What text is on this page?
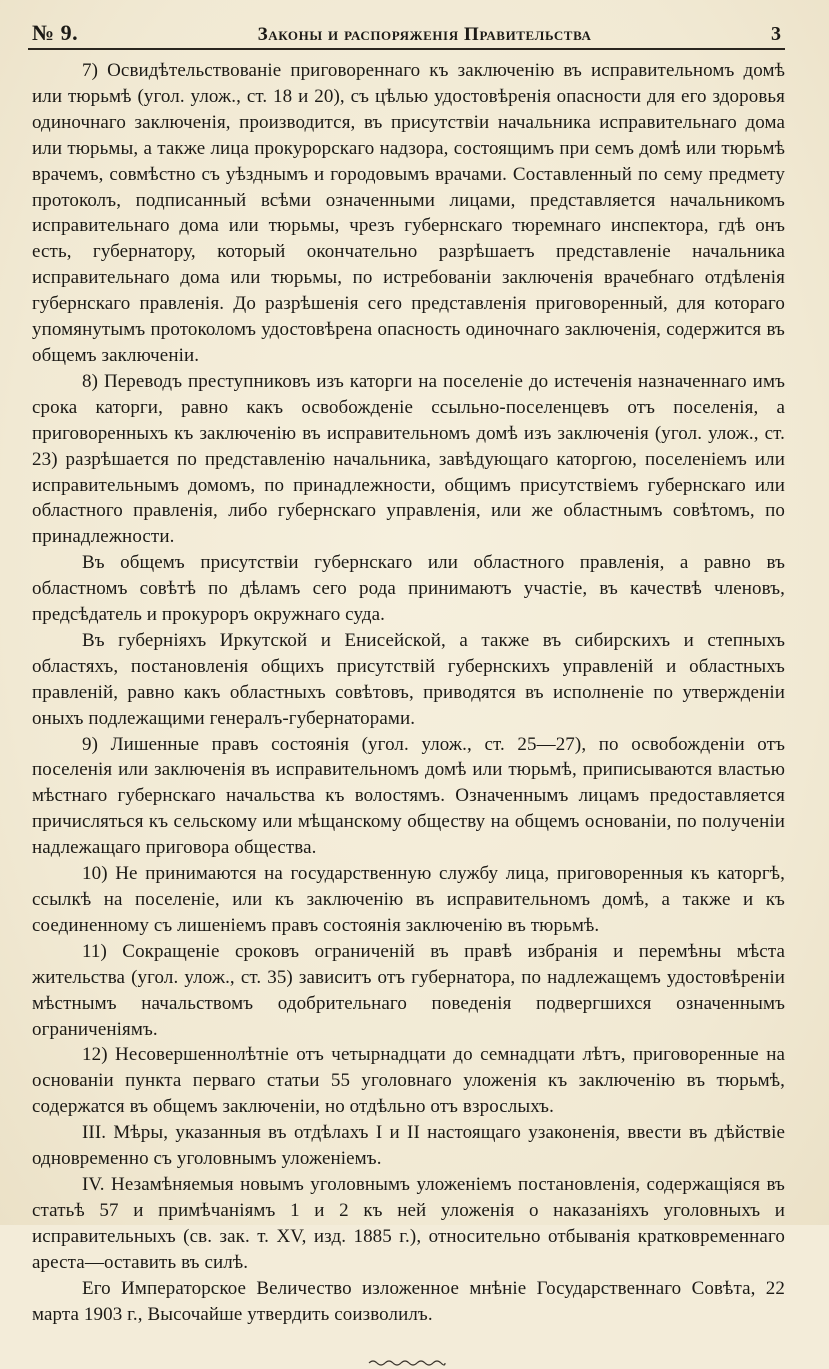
№ 9.	Законы и распоряженія Правительства	3

7) Освидѣтельствованіе приговореннаго къ заключенію въ исправительномъ домѣ или тюрьмѣ (угол. улож., ст. 18 и 20), съ цѣлью удостовѣренія опасности для его здоровья одиночнаго заключенія, производится, въ присутствіи начальника исправительнаго дома или тюрьмы, а также лица прокурорскаго надзора, состоящимъ при семъ домѣ или тюрьмѣ врачемъ, совмѣстно съ уѣзднымъ и городовымъ врачами. Составленный по сему предмету протоколъ, подписанный всѣми означенными лицами, представляется начальникомъ исправительнаго дома или тюрьмы, чрезъ губернскаго тюремнаго инспектора, гдѣ онъ есть, губернатору, который окончательно разрѣшаетъ представленіе начальника исправительнаго дома или тюрьмы, по истребованіи заключенія врачебнаго отдѣленія губернскаго правленія. До разрѣшенія сего представленія приговоренный, для котораго упомянутымъ протоколомъ удостовѣрена опасность одиночнаго заключенія, содержится въ общемъ заключеніи.

8) Переводъ преступниковъ изъ каторги на поселеніе до истеченія назначеннаго имъ срока каторги, равно какъ освобожденіе ссыльно-поселенцевъ отъ поселенія, а приговоренныхъ къ заключенію въ исправительномъ домѣ изъ заключенія (угол. улож., ст. 23) разрѣшается по представленію начальника, завѣдующаго каторгою, поселеніемъ или исправительнымъ домомъ, по принадлежности, общимъ присутствіемъ губернскаго или областного правленія, либо губернскаго управленія, или же областнымъ совѣтомъ, по принадлежности.

Въ общемъ присутствіи губернскаго или областного правленія, а равно въ областномъ совѣтѣ по дѣламъ сего рода принимаютъ участіе, въ качествѣ членовъ, предсѣдатель и прокуроръ окружнаго суда.

Въ губерніяхъ Иркутской и Енисейской, а также въ сибирскихъ и степныхъ областяхъ, постановленія общихъ присутствій губернскихъ управленій и областныхъ правленій, равно какъ областныхъ совѣтовъ, приводятся въ исполненіе по утвержденіи оныхъ подлежащими генералъ-губернаторами.

9) Лишенные правъ состоянія (угол. улож., ст. 25—27), по освобожденіи отъ поселенія или заключенія въ исправительномъ домѣ или тюрьмѣ, приписываются властью мѣстнаго губернскаго начальства къ волостямъ. Означеннымъ лицамъ предоставляется причисляться къ сельскому или мѣщанскому обществу на общемъ основаніи, по полученіи надлежащаго приговора общества.

10) Не принимаются на государственную службу лица, приговоренныя къ каторгѣ, ссылкѣ на поселеніе, или къ заключенію въ исправительномъ домѣ, а также и къ соединенному съ лишеніемъ правъ состоянія заключенію въ тюрьмѣ.

11) Сокращеніе сроковъ ограниченій въ правѣ избранія и перемѣны мѣста жительства (угол. улож., ст. 35) зависитъ отъ губернатора, по надлежащемъ удостовѣреніи мѣстнымъ начальствомъ одобрительнаго поведенія подвергшихся означеннымъ ограниченіямъ.

12) Несовершеннолѣтніе отъ четырнадцати до семнадцати лѣтъ, приговоренные на основаніи пункта перваго статьи 55 уголовнаго уложенія къ заключенію въ тюрьмѣ, содержатся въ общемъ заключеніи, но отдѣльно отъ взрослыхъ.

III. Мѣры, указанныя въ отдѣлахъ I и II настоящаго узаконенія, ввести въ дѣйствіе одновременно съ уголовнымъ уложеніемъ.

IV. Незамѣняемыя новымъ уголовнымъ уложеніемъ постановленія, содержащіяся въ статьѣ 57 и примѣчаніямъ 1 и 2 къ ней уложенія о наказаніяхъ уголовныхъ и исправительныхъ (св. зак. т. XV, изд. 1885 г.), относительно отбыванія кратковременнаго ареста—оставить въ силѣ.

Его Императорское Величество изложенное мнѣніе Государственнаго Совѣта, 22 марта 1903 г., Высочайше утвердить соизволилъ.
